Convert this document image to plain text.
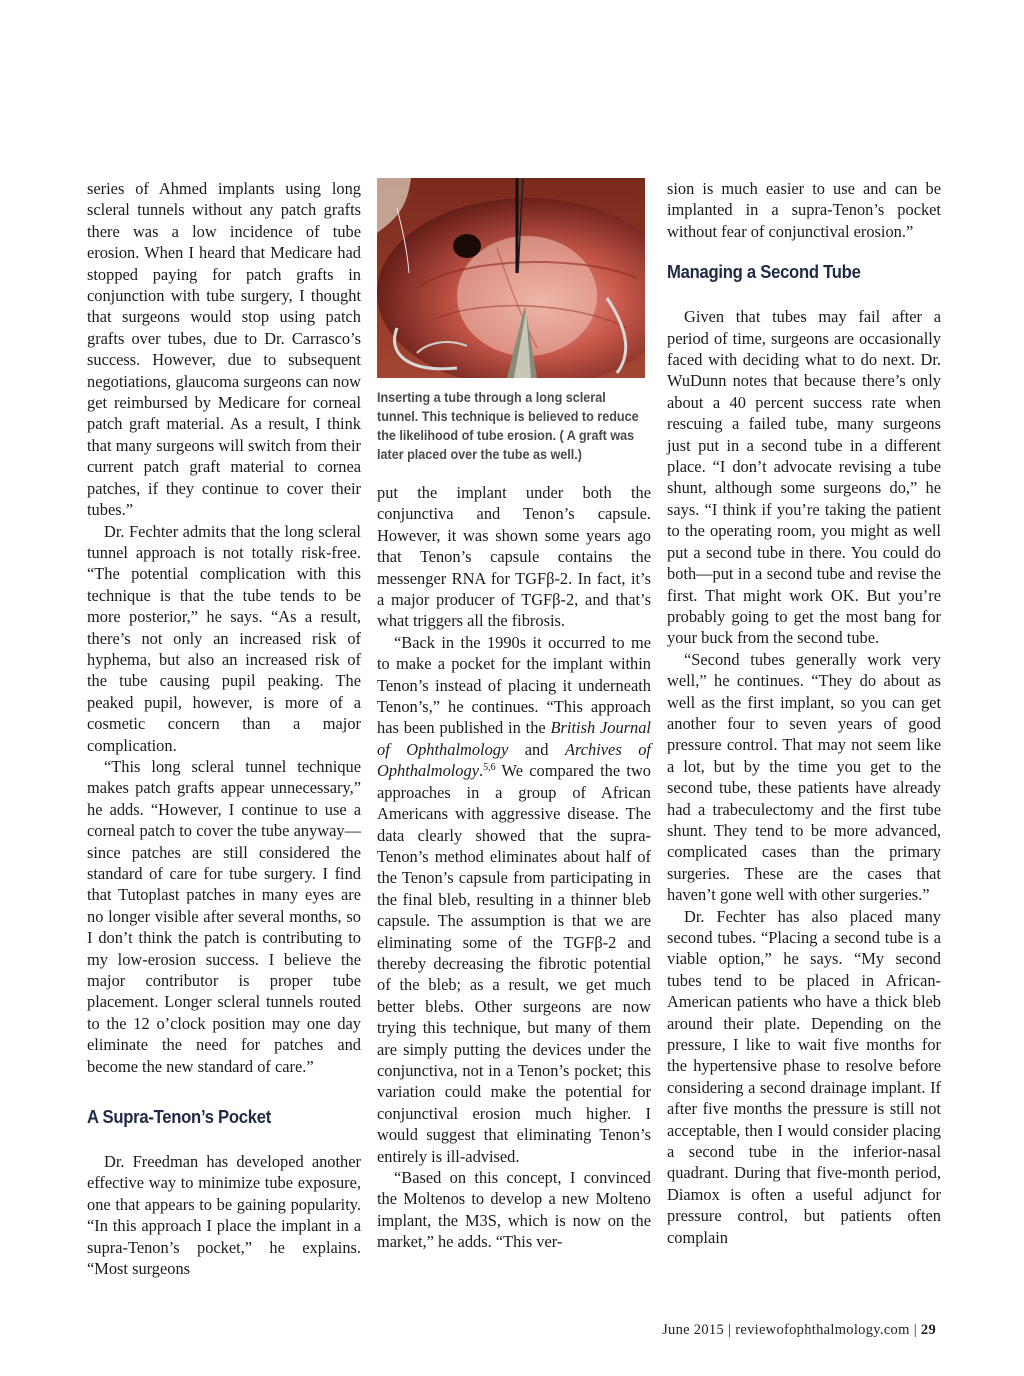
series of Ahmed implants using long scleral tunnels without any patch grafts there was a low incidence of tube erosion. When I heard that Medicare had stopped paying for patch grafts in conjunction with tube surgery, I thought that surgeons would stop using patch grafts over tubes, due to Dr. Carrasco’s success. However, due to subsequent negotiations, glaucoma surgeons can now get reimbursed by Medicare for corneal patch graft material. As a result, I think that many surgeons will switch from their current patch graft material to cornea patches, if they continue to cover their tubes.”

Dr. Fechter admits that the long scleral tunnel approach is not totally risk-free. “The potential complication with this technique is that the tube tends to be more posterior,” he says. “As a result, there’s not only an increased risk of hyphema, but also an increased risk of the tube causing pupil peaking. The peaked pupil, however, is more of a cosmetic concern than a major complication.

“This long scleral tunnel technique makes patch grafts appear unnecessary,” he adds. “However, I continue to use a corneal patch to cover the tube anyway— since patches are still considered the standard of care for tube surgery. I find that Tutoplast patches in many eyes are no longer visible after several months, so I don’t think the patch is contributing to my low-erosion success. I believe the major contributor is proper tube placement. Longer scleral tunnels routed to the 12 o’clock position may one day eliminate the need for patches and become the new standard of care.”

A Supra-Tenon’s Pocket

Dr. Freedman has developed another effective way to minimize tube exposure, one that appears to be gaining popularity. “In this approach I place the implant in a supra-Tenon’s pocket,” he explains. “Most surgeons

Inserting a tube through a long scleral tunnel. This technique is believed to reduce the likelihood of tube erosion. ( A graft was later placed over the tube as well.)

put the implant under both the conjunctiva and Tenon’s capsule. However, it was shown some years ago that Tenon’s capsule contains the messenger RNA for TGFβ-2. In fact, it’s a major producer of TGFβ-2, and that’s what triggers all the fibrosis.

“Back in the 1990s it occurred to me to make a pocket for the implant within Tenon’s instead of placing it underneath Tenon’s,” he continues. “This approach has been published in the British Journal of Ophthalmology and Archives of Ophthalmology.$^{5,6}$ We compared the two approaches in a group of African Americans with aggressive disease. The data clearly showed that the supra-Tenon’s method eliminates about half of the Tenon’s capsule from participating in the final bleb, resulting in a thinner bleb capsule. The assumption is that we are eliminating some of the TGFβ-2 and thereby decreasing the fibrotic potential of the bleb; as a result, we get much better blebs. Other surgeons are now trying this technique, but many of them are simply putting the devices under the conjunctiva, not in a Tenon’s pocket; this variation could make the potential for conjunctival erosion much higher. I would suggest that eliminating Tenon’s entirely is ill-advised.

“Based on this concept, I convinced the Moltenos to develop a new Molteno implant, the M3S, which is now on the market,” he adds. “This ver-

sion is much easier to use and can be implanted in a supra-Tenon’s pocket without fear of conjunctival erosion.”

Managing a Second Tube

Given that tubes may fail after a period of time, surgeons are occasionally faced with deciding what to do next. Dr. WuDunn notes that because there’s only about a 40 percent success rate when rescuing a failed tube, many surgeons just put in a second tube in a different place. “I don’t advocate revising a tube shunt, although some surgeons do,” he says. “I think if you’re taking the patient to the operating room, you might as well put a second tube in there. You could do both—put in a second tube and revise the first. That might work OK. But you’re probably going to get the most bang for your buck from the second tube.

“Second tubes generally work very well,” he continues. “They do about as well as the first implant, so you can get another four to seven years of good pressure control. That may not seem like a lot, but by the time you get to the second tube, these patients have already had a trabeculectomy and the first tube shunt. They tend to be more advanced, complicated cases than the primary surgeries. These are the cases that haven’t gone well with other surgeries.”

Dr. Fechter has also placed many second tubes. “Placing a second tube is a viable option,” he says. “My second tubes tend to be placed in African-American patients who have a thick bleb around their plate. Depending on the pressure, I like to wait five months for the hypertensive phase to resolve before considering a second drainage implant. If after five months the pressure is still not acceptable, then I would consider placing a second tube in the inferior-nasal quadrant. During that five-month period, Diamox is often a useful adjunct for pressure control, but patients often complain

June 2015 | reviewofophthalmology.com | 29
